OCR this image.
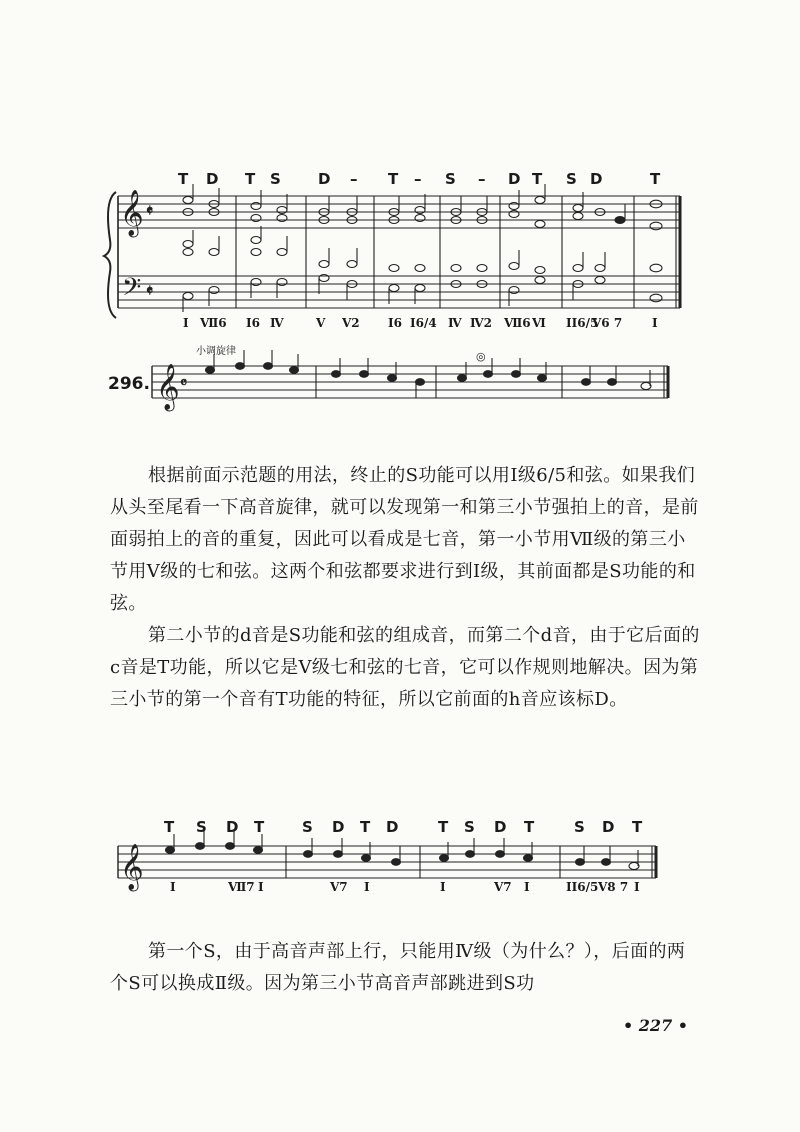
T D T S D – T – S – D T S D	T
𝄞
𝄢
𝄵
𝄵
I Ⅶ6 I6 Ⅳ	V V2 I6 I6/4 Ⅳ Ⅳ2 Ⅶ6 Ⅵ II6/5
V6 7 I
小调旋律
296. 𝄞 𝄴
◎

根据前面示范题的用法，终止的S功能可以用Ⅰ级6/5和弦。如果我们从头至尾看一下高音旋律，就可以发现第一和第三小节强拍上的音，是前面弱拍上的音的重复，因此可以看成是七音，第一小节用Ⅶ级的第三小节用Ⅴ级的七和弦。这两个和弦都要求进行到Ⅰ级，其前面都是S功能的和弦。

第二小节的d音是S功能和弦的组成音，而第二个d音，由于它后面的c音是T功能，所以它是Ⅴ级七和弦的七音，它可以作规则地解决。因为第三小节的第一个音有T功能的特征，所以它前面的h音应该标D。

T S D T	S D T D	T S D T	S D T
𝄞 I	Ⅶ7 I	V7 I	I	V7 I	II6/5 V8 7 I

第一个S，由于高音声部上行，只能用Ⅳ级（为什么？），后面的两个S可以换成Ⅱ级。因为第三小节高音声部跳进到S功

• 227 •
